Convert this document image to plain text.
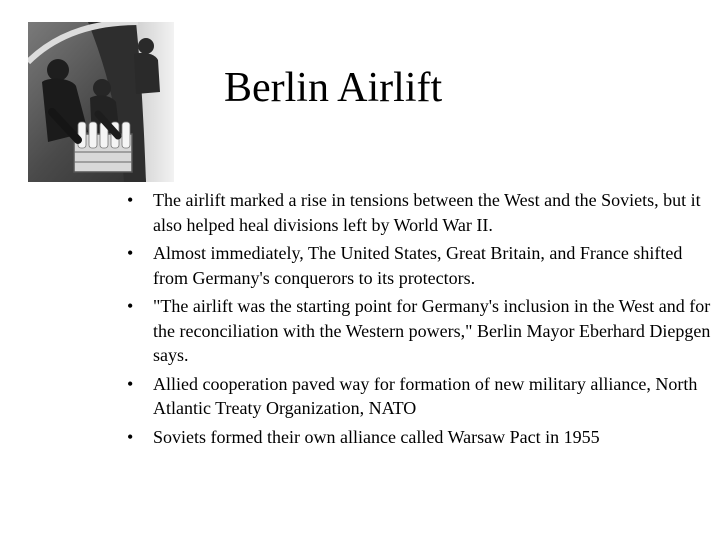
Berlin Airlift
• The airlift marked a rise in tensions between the West and the Soviets, but it also helped heal divisions left by World War II.
• Almost immediately, The United States, Great Britain, and France shifted from Germany's conquerors to its protectors.
• "The airlift was the starting point for Germany's inclusion in the West and for the reconciliation with the Western powers," Berlin Mayor Eberhard Diepgen says.
• Allied cooperation paved way for formation of new military alliance, North Atlantic Treaty Organization, NATO
• Soviets formed their own alliance called Warsaw Pact in 1955
